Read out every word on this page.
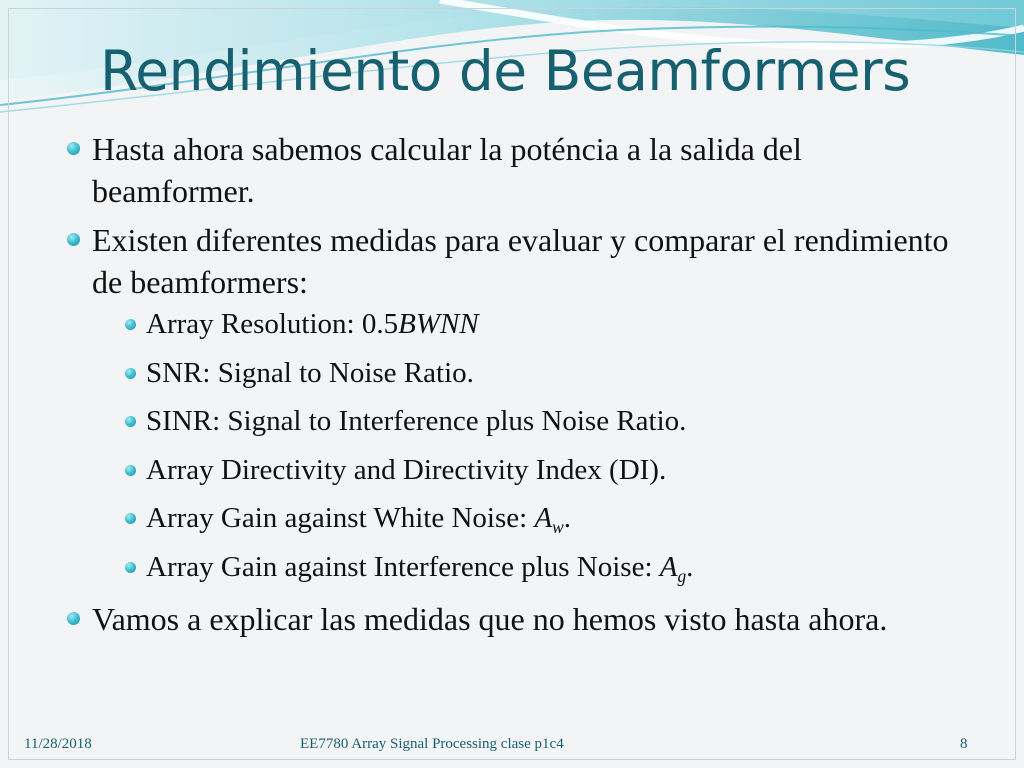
Rendimiento de Beamformers
Hasta ahora sabemos calcular la poténcia a la salida del beamformer.
Existen diferentes medidas para evaluar y comparar el rendimiento de beamformers:
Array Resolution: 0.5BWNN
SNR: Signal to Noise Ratio.
SINR: Signal to Interference plus Noise Ratio.
Array Directivity and Directivity Index (DI).
Array Gain against White Noise: $A_w$.
Array Gain against Interference plus Noise: $A_g$.
Vamos a explicar las medidas que no hemos visto hasta ahora.
11/28/2018	EE7780 Array Signal Processing clase p1c4	8
